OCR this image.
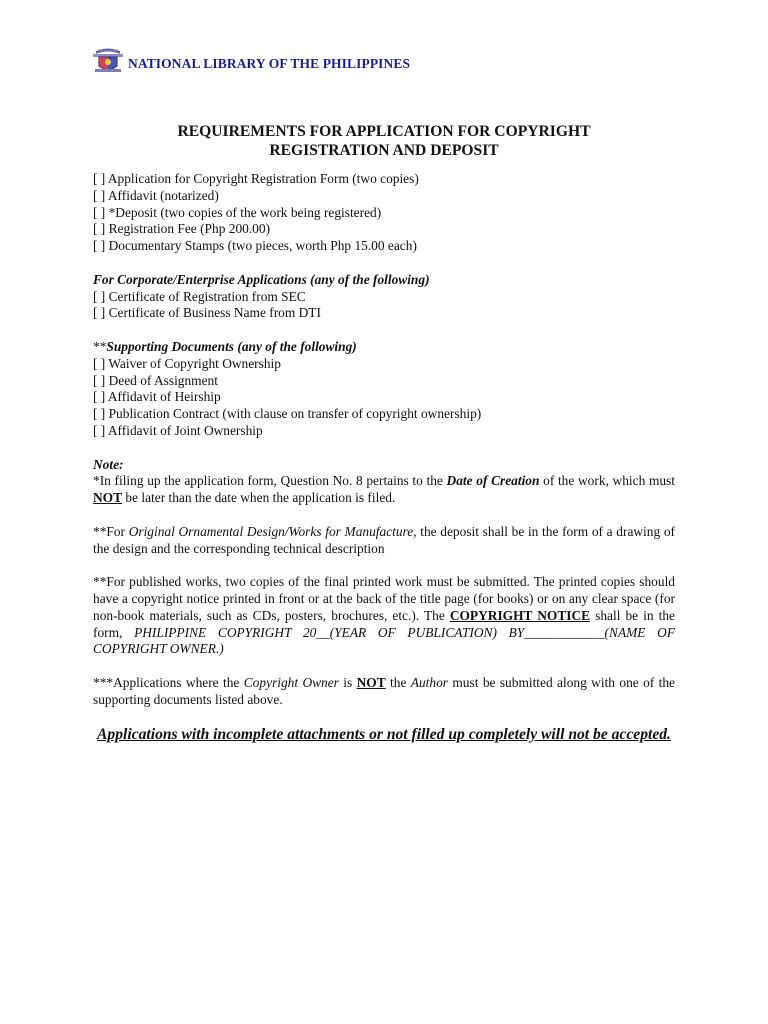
NATIONAL LIBRARY OF THE PHILIPPINES
REQUIREMENTS FOR APPLICATION FOR COPYRIGHT
REGISTRATION AND DEPOSIT

[ ] Application for Copyright Registration Form (two copies)

[ ] Affidavit (notarized)

[ ] *Deposit (two copies of the work being registered)

[ ] Registration Fee (Php 200.00)

[ ] Documentary Stamps (two pieces, worth Php 15.00 each)

For Corporate/Enterprise Applications (any of the following)

[ ] Certificate of Registration from SEC

[ ] Certificate of Business Name from DTI

**Supporting Documents (any of the following)

[ ] Waiver of Copyright Ownership

[ ] Deed of Assignment

[ ] Affidavit of Heirship

[ ] Publication Contract (with clause on transfer of copyright ownership)

[ ] Affidavit of Joint Ownership

Note:

*In filing up the application form, Question No. 8 pertains to the Date of Creation of the work, which must NOT be later than the date when the application is filed.

**For Original Ornamental Design/Works for Manufacture, the deposit shall be in the form of a drawing of the design and the corresponding technical description

**For published works, two copies of the final printed work must be submitted. The printed copies should have a copyright notice printed in front or at the back of the title page (for books) or on any clear space (for non-book materials, such as CDs, posters, brochures, etc.). The COPYRIGHT NOTICE shall be in the form, PHILIPPINE COPYRIGHT 20__(YEAR OF PUBLICATION) BY____________(NAME OF COPYRIGHT OWNER.)

***Applications where the Copyright Owner is NOT the Author must be submitted along with one of the supporting documents listed above.

Applications with incomplete attachments or not filled up completely will not be accepted.
